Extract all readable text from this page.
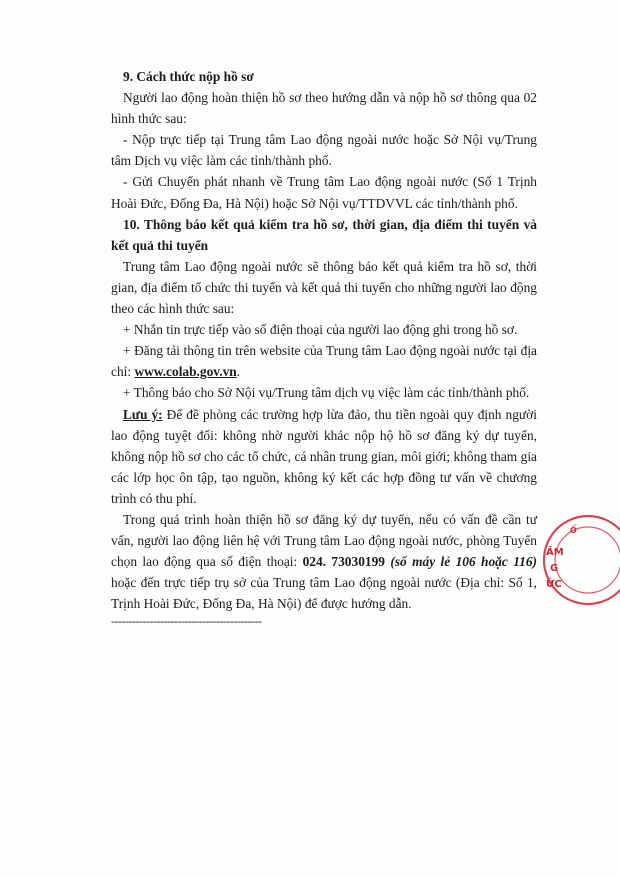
9. Cách thức nộp hồ sơ

Người lao động hoàn thiện hồ sơ theo hướng dẫn và nộp hồ sơ thông qua 02 hình thức sau:

- Nộp trực tiếp tại Trung tâm Lao động ngoài nước hoặc Sở Nội vụ/Trung tâm Dịch vụ việc làm các tỉnh/thành phố.

- Gửi Chuyển phát nhanh về Trung tâm Lao động ngoài nước (Số 1 Trịnh Hoài Đức, Đống Đa, Hà Nội) hoặc Sở Nội vụ/TTDVVL các tỉnh/thành phố.

10. Thông báo kết quả kiểm tra hồ sơ, thời gian, địa điểm thi tuyển và kết quả thi tuyển

Trung tâm Lao động ngoài nước sẽ thông báo kết quả kiểm tra hồ sơ, thời gian, địa điểm tổ chức thi tuyển và kết quả thi tuyển cho những người lao động theo các hình thức sau:

+ Nhắn tin trực tiếp vào số điện thoại của người lao động ghi trong hồ sơ.

+ Đăng tải thông tin trên website của Trung tâm Lao động ngoài nước tại địa chỉ: www.colab.gov.vn.

+ Thông báo cho Sở Nội vụ/Trung tâm dịch vụ việc làm các tỉnh/thành phố.

Lưu ý: Để đề phòng các trường hợp lừa đảo, thu tiền ngoài quy định người lao động tuyệt đối: không nhờ người khác nộp hộ hồ sơ đăng ký dự tuyển, không nộp hồ sơ cho các tổ chức, cá nhân trung gian, môi giới; không tham gia các lớp học ôn tập, tạo nguồn, không ký kết các hợp đồng tư vấn về chương trình có thu phí.

Trong quá trình hoàn thiện hồ sơ đăng ký dự tuyển, nếu có vấn đề cần tư vấn, người lao động liên hệ với Trung tâm Lao động ngoài nước, phòng Tuyển chọn lao động qua số điện thoại: 024. 73030199 (số máy lẻ 106 hoặc 116) hoặc đến trực tiếp trụ sở của Trung tâm Lao động ngoài nước (Địa chỉ: Số 1, Trịnh Hoài Đức, Đống Đa, Hà Nội) để được hướng dẫn.

-------------------------------------------

ÂM
G
ỨC
Ố
